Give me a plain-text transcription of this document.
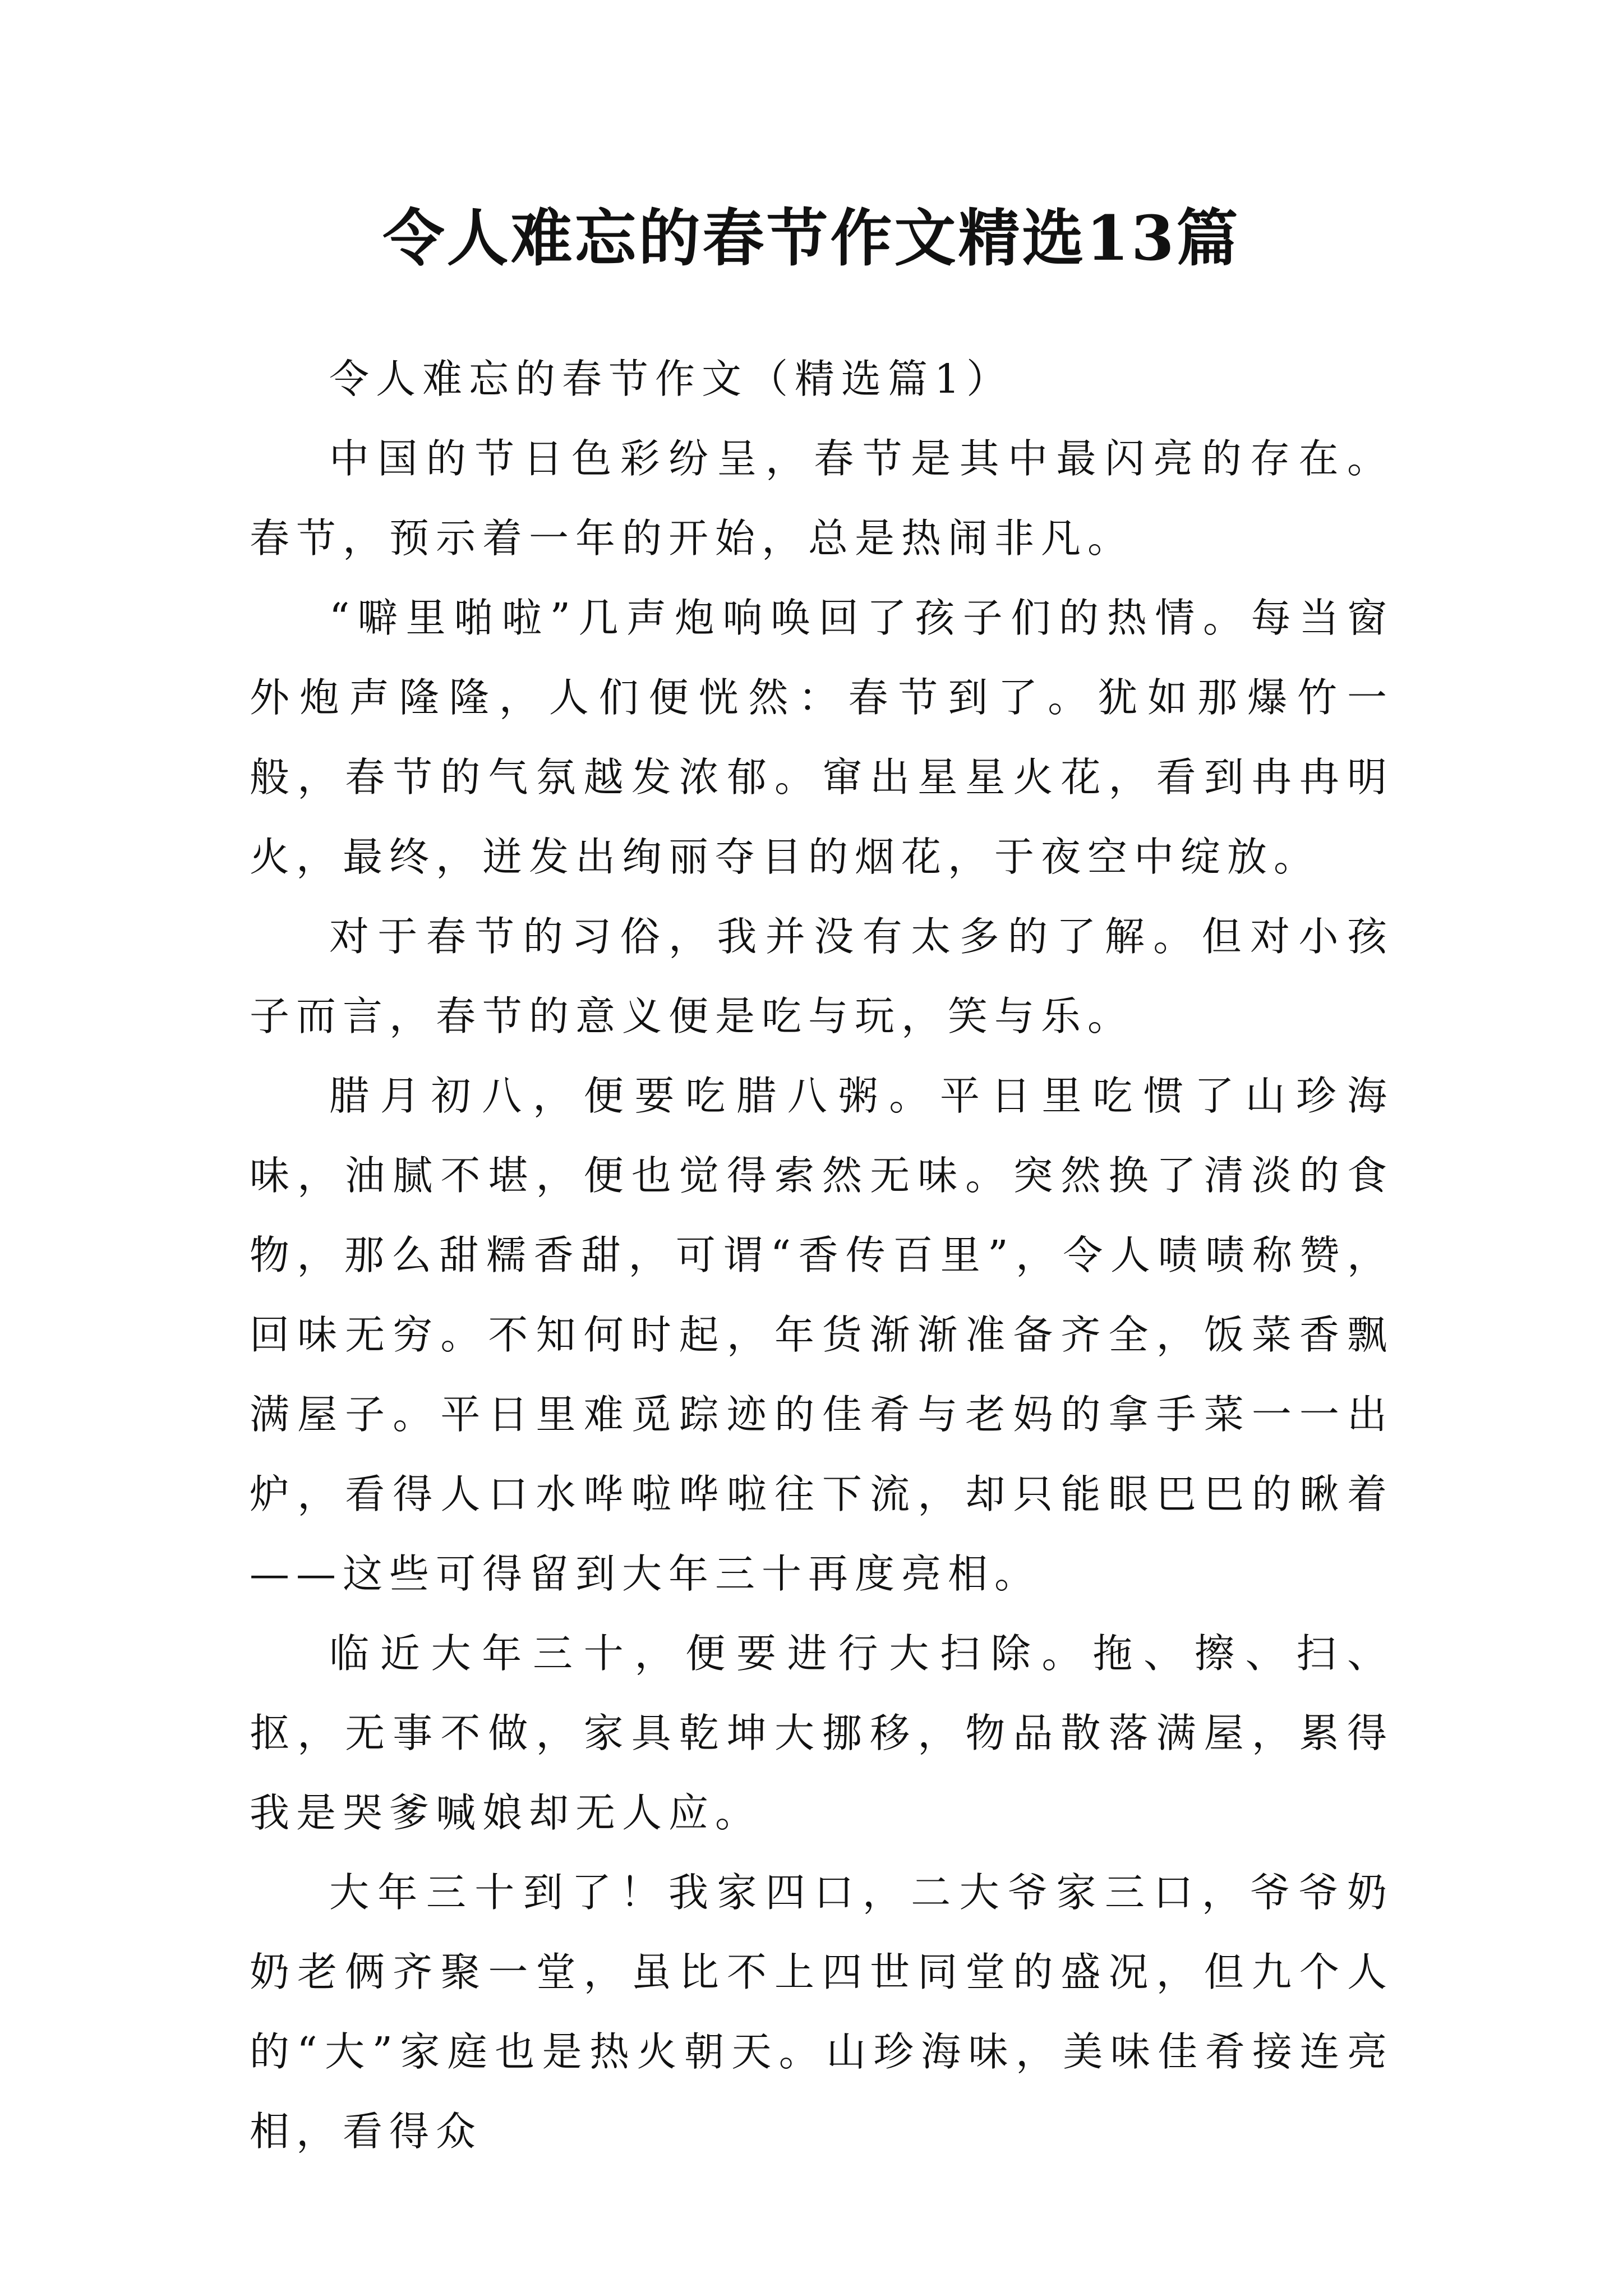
令人难忘的春节作文精选13篇

令人难忘的春节作文（精选篇1）

中国的节日色彩纷呈，春节是其中最闪亮的存在。春节，预示着一年的开始，总是热闹非凡。

“噼里啪啦”几声炮响唤回了孩子们的热情。每当窗外炮声隆隆，人们便恍然：春节到了。犹如那爆竹一般，春节的气氛越发浓郁。窜出星星火花，看到冉冉明火，最终，迸发出绚丽夺目的烟花，于夜空中绽放。

对于春节的习俗，我并没有太多的了解。但对小孩子而言，春节的意义便是吃与玩，笑与乐。

腊月初八，便要吃腊八粥。平日里吃惯了山珍海味，油腻不堪，便也觉得索然无味。突然换了清淡的食物，那么甜糯香甜，可谓“香传百里”，令人啧啧称赞，回味无穷。不知何时起，年货渐渐准备齐全，饭菜香飘满屋子。平日里难觅踪迹的佳肴与老妈的拿手菜一一出炉，看得人口水哗啦哗啦往下流，却只能眼巴巴的瞅着——这些可得留到大年三十再度亮相。

临近大年三十，便要进行大扫除。拖、擦、扫、抠，无事不做，家具乾坤大挪移，物品散落满屋，累得我是哭爹喊娘却无人应。

大年三十到了！我家四口，二大爷家三口，爷爷奶奶老俩齐聚一堂，虽比不上四世同堂的盛况，但九个人的“大”家庭也是热火朝天。山珍海味，美味佳肴接连亮相，看得众
